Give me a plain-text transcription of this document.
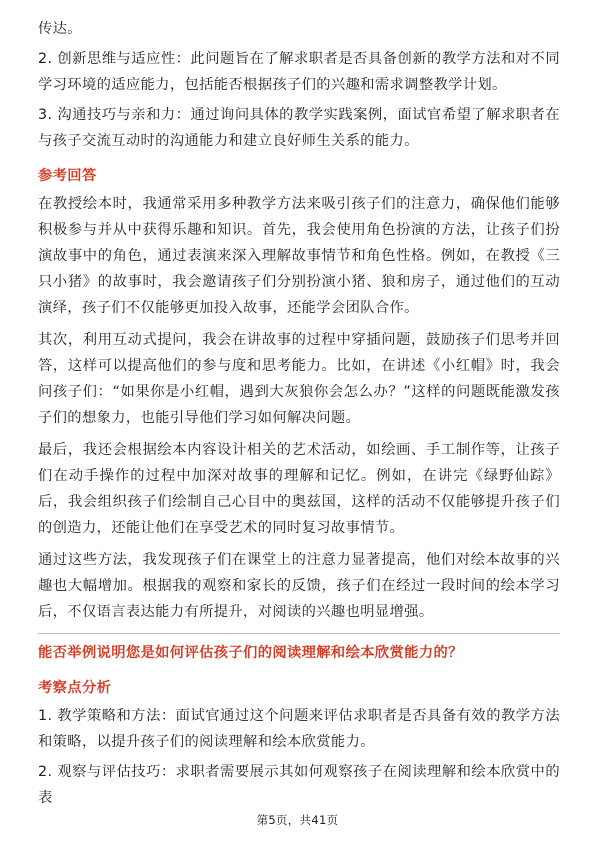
传达。

2. 创新思维与适应性：此问题旨在了解求职者是否具备创新的教学方法和对不同学习环境的适应能力，包括能否根据孩子们的兴趣和需求调整教学计划。

3. 沟通技巧与亲和力：通过询问具体的教学实践案例，面试官希望了解求职者在与孩子交流互动时的沟通能力和建立良好师生关系的能力。

参考回答

在教授绘本时，我通常采用多种教学方法来吸引孩子们的注意力，确保他们能够积极参与并从中获得乐趣和知识。首先，我会使用角色扮演的方法，让孩子们扮演故事中的角色，通过表演来深入理解故事情节和角色性格。例如，在教授《三只小猪》的故事时，我会邀请孩子们分别扮演小猪、狼和房子，通过他们的互动演绎，孩子们不仅能够更加投入故事，还能学会团队合作。

其次，利用互动式提问，我会在讲故事的过程中穿插问题，鼓励孩子们思考并回答，这样可以提高他们的参与度和思考能力。比如，在讲述《小红帽》时，我会问孩子们：“如果你是小红帽，遇到大灰狼你会怎么办？”这样的问题既能激发孩子们的想象力，也能引导他们学习如何解决问题。

最后，我还会根据绘本内容设计相关的艺术活动，如绘画、手工制作等，让孩子们在动手操作的过程中加深对故事的理解和记忆。例如，在讲完《绿野仙踪》后，我会组织孩子们绘制自己心目中的奥兹国，这样的活动不仅能够提升孩子们的创造力，还能让他们在享受艺术的同时复习故事情节。

通过这些方法，我发现孩子们在课堂上的注意力显著提高，他们对绘本故事的兴趣也大幅增加。根据我的观察和家长的反馈，孩子们在经过一段时间的绘本学习后，不仅语言表达能力有所提升，对阅读的兴趣也明显增强。

能否举例说明您是如何评估孩子们的阅读理解和绘本欣赏能力的？

考察点分析

1. 教学策略和方法：面试官通过这个问题来评估求职者是否具备有效的教学方法和策略，以提升孩子们的阅读理解和绘本欣赏能力。

2. 观察与评估技巧：求职者需要展示其如何观察孩子在阅读理解和绘本欣赏中的表

第5页，共41页
